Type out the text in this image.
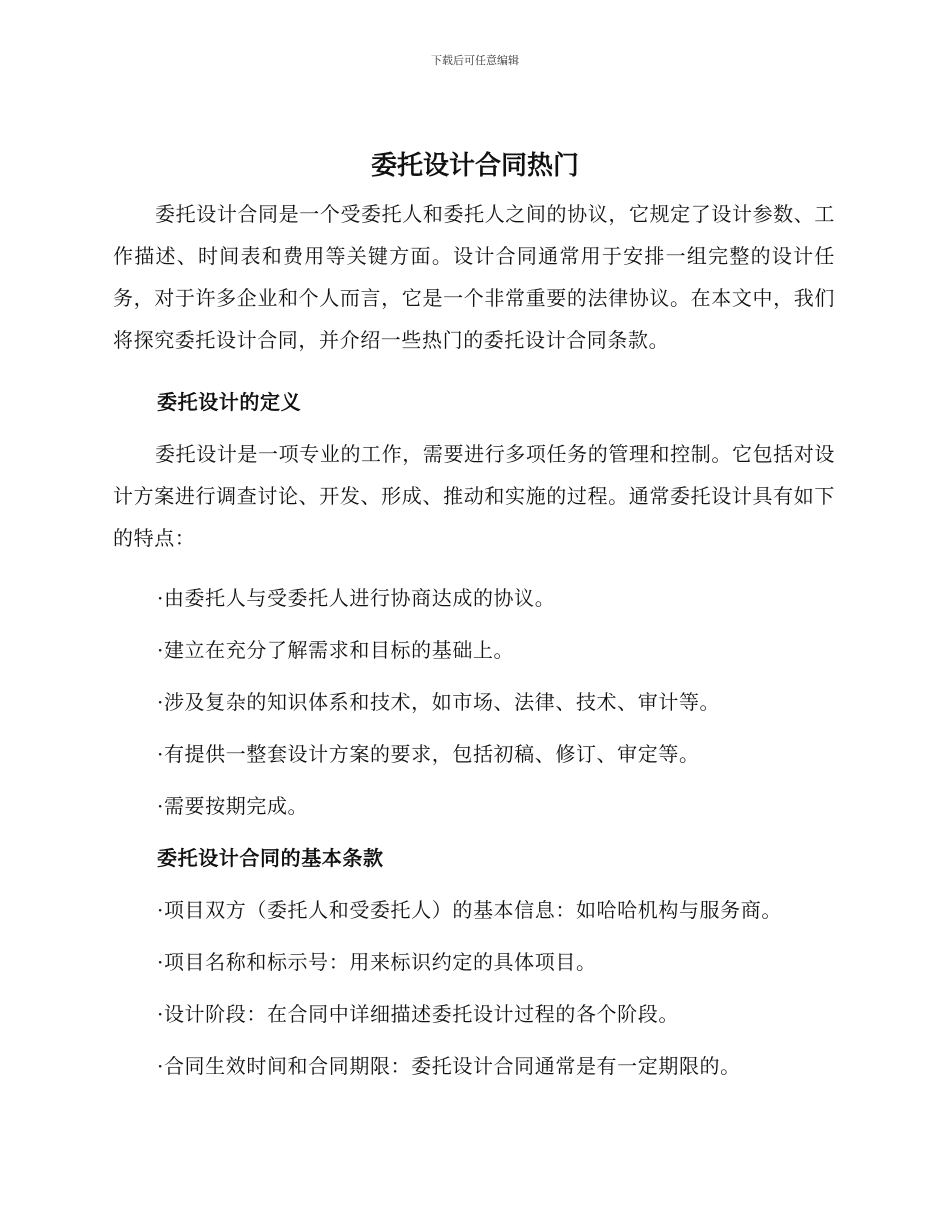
下载后可任意编辑
委托设计合同热门

委托设计合同是一个受委托人和委托人之间的协议，它规定了设计参数、工作描述、时间表和费用等关键方面。设计合同通常用于安排一组完整的设计任务，对于许多企业和个人而言，它是一个非常重要的法律协议。在本文中，我们将探究委托设计合同，并介绍一些热门的委托设计合同条款。

委托设计的定义

委托设计是一项专业的工作，需要进行多项任务的管理和控制。它包括对设计方案进行调查讨论、开发、形成、推动和实施的过程。通常委托设计具有如下的特点：

·由委托人与受委托人进行协商达成的协议。
·建立在充分了解需求和目标的基础上。
·涉及复杂的知识体系和技术，如市场、法律、技术、审计等。
·有提供一整套设计方案的要求，包括初稿、修订、审定等。
·需要按期完成。
委托设计合同的基本条款
·项目双方（委托人和受委托人）的基本信息：如哈哈机构与服务商。
·项目名称和标示号：用来标识约定的具体项目。
·设计阶段：在合同中详细描述委托设计过程的各个阶段。
·合同生效时间和合同期限：委托设计合同通常是有一定期限的。
